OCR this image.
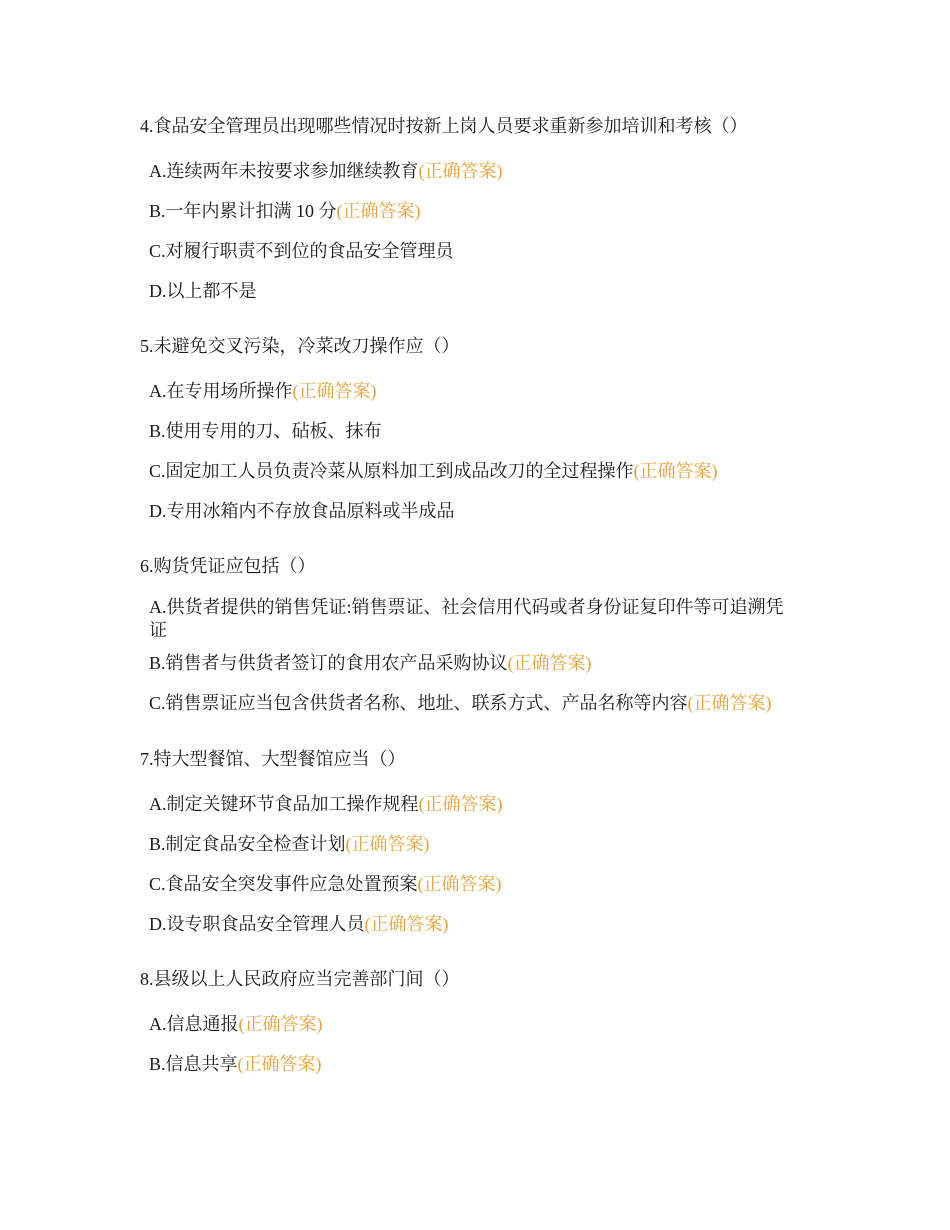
4.食品安全管理员出现哪些情况时按新上岗人员要求重新参加培训和考核（）

A.连续两年未按要求参加继续教育(正确答案)
B.一年内累计扣满 10 分(正确答案)
C.对履行职责不到位的食品安全管理员
D.以上都不是

5.未避免交叉污染，冷菜改刀操作应（）

A.在专用场所操作(正确答案)
B.使用专用的刀、砧板、抹布
C.固定加工人员负责冷菜从原料加工到成品改刀的全过程操作(正确答案)
D.专用冰箱内不存放食品原料或半成品

6.购货凭证应包括（）

A.供货者提供的销售凭证:销售票证、社会信用代码或者身份证复印件等可追溯凭证
B.销售者与供货者签订的食用农产品采购协议(正确答案)
C.销售票证应当包含供货者名称、地址、联系方式、产品名称等内容(正确答案)

7.特大型餐馆、大型餐馆应当（）

A.制定关键环节食品加工操作规程(正确答案)
B.制定食品安全检查计划(正确答案)
C.食品安全突发事件应急处置预案(正确答案)
D.设专职食品安全管理人员(正确答案)

8.县级以上人民政府应当完善部门间（）

A.信息通报(正确答案)
B.信息共享(正确答案)
